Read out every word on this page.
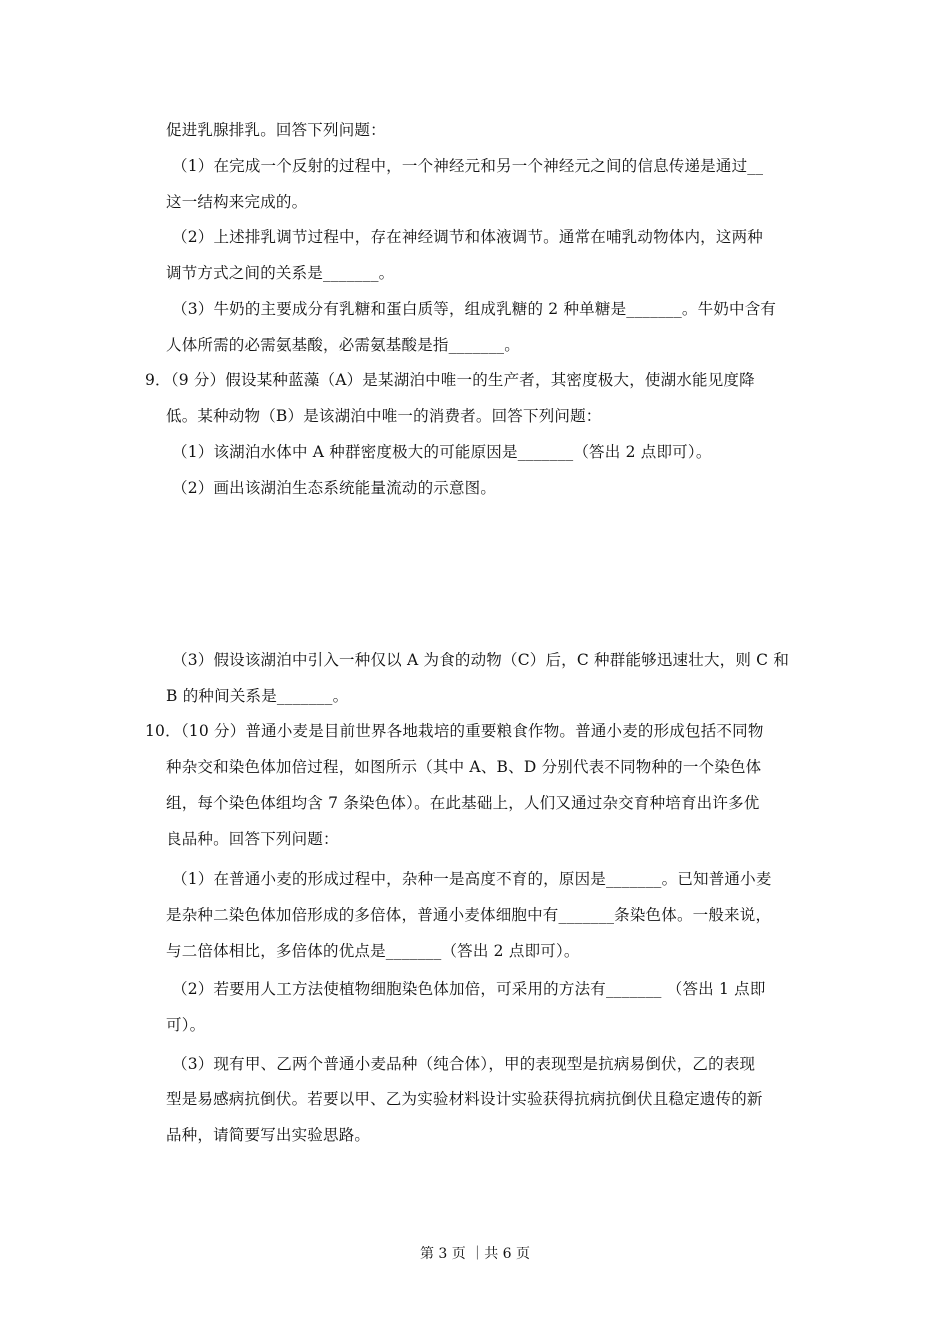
促进乳腺排乳。回答下列问题：
（1）在完成一个反射的过程中，一个神经元和另一个神经元之间的信息传递是通过__
这一结构来完成的。
（2）上述排乳调节过程中，存在神经调节和体液调节。通常在哺乳动物体内，这两种
调节方式之间的关系是_______。
（3）牛奶的主要成分有乳糖和蛋白质等，组成乳糖的 2 种单糖是_______。牛奶中含有
人体所需的必需氨基酸，必需氨基酸是指_______。
9．（9 分）假设某种蓝藻（A）是某湖泊中唯一的生产者，其密度极大，使湖水能见度降
低。某种动物（B）是该湖泊中唯一的消费者。回答下列问题：
（1）该湖泊水体中 A 种群密度极大的可能原因是_______（答出 2 点即可）。
（2）画出该湖泊生态系统能量流动的示意图。
（3）假设该湖泊中引入一种仅以 A 为食的动物（C）后，C 种群能够迅速壮大，则 C 和
B 的种间关系是_______。
10．（10 分）普通小麦是目前世界各地栽培的重要粮食作物。普通小麦的形成包括不同物
种杂交和染色体加倍过程，如图所示（其中 A、B、D 分别代表不同物种的一个染色体
组，每个染色体组均含 7 条染色体）。在此基础上，人们又通过杂交育种培育出许多优
良品种。回答下列问题：
（1）在普通小麦的形成过程中，杂种一是高度不育的，原因是_______。已知普通小麦
是杂种二染色体加倍形成的多倍体，普通小麦体细胞中有_______条染色体。一般来说，
与二倍体相比，多倍体的优点是_______（答出 2 点即可）。
（2）若要用人工方法使植物细胞染色体加倍，可采用的方法有_______ （答出 1 点即
可）。
（3）现有甲、乙两个普通小麦品种（纯合体），甲的表现型是抗病易倒伏，乙的表现
型是易感病抗倒伏。若要以甲、乙为实验材料设计实验获得抗病抗倒伏且稳定遗传的新
品种，请简要写出实验思路。
第 3 页 ｜共 6 页
